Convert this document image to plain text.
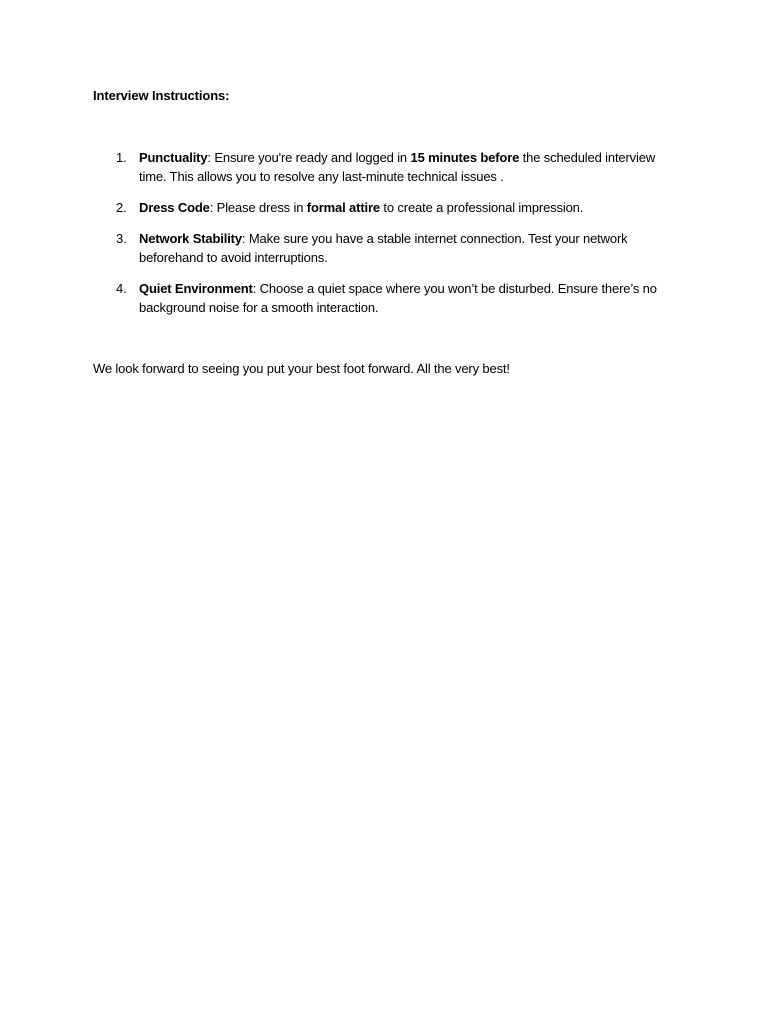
Interview Instructions:
1. Punctuality: Ensure you're ready and logged in 15 minutes before the scheduled interview time. This allows you to resolve any last-minute technical issues .
2. Dress Code: Please dress in formal attire to create a professional impression.
3. Network Stability: Make sure you have a stable internet connection. Test your network beforehand to avoid interruptions.
4. Quiet Environment: Choose a quiet space where you won’t be disturbed. Ensure there’s no background noise for a smooth interaction.
We look forward to seeing you put your best foot forward. All the very best!
